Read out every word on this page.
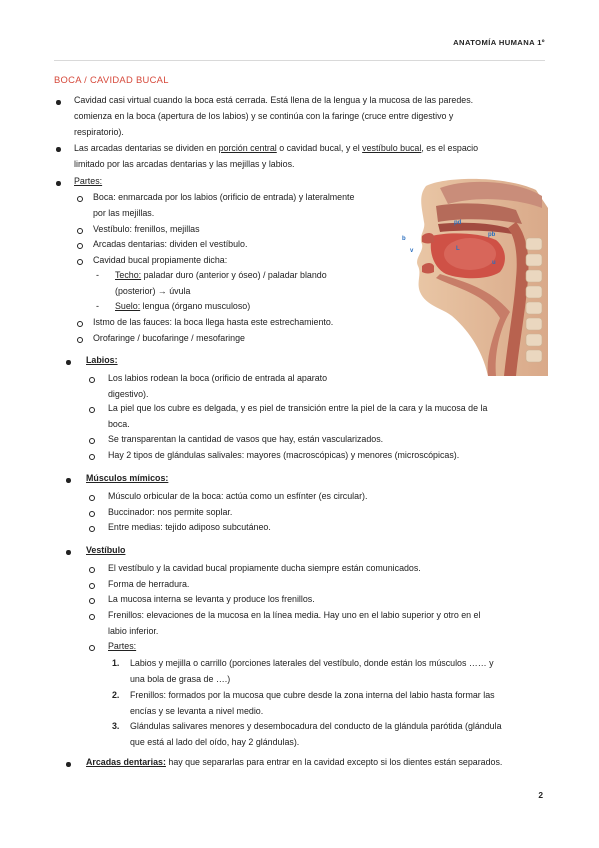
ANATOMÍA HUMANA 1º
BOCA / CAVIDAD BUCAL
Cavidad casi virtual cuando la boca está cerrada. Está llena de la lengua y la mucosa de las paredes.
comienza en la boca (apertura de los labios) y se continúa con la faringe (cruce entre digestivo y
respiratorio).
Las arcadas dentarias se dividen en porción central o cavidad bucal, y el vestíbulo bucal, es el espacio
limitado por las arcadas dentarias y las mejillas y labios.
Partes:
Boca: enmarcada por los labios (orificio de entrada) y lateralmente
por las mejillas.
Vestíbulo: frenillos, mejillas
Arcadas dentarias: dividen el vestíbulo.
Cavidad bucal propiamente dicha:
- Techo: paladar duro (anterior y óseo) / paladar blando
(posterior) → úvula
- Suelo: lengua (órgano musculoso)
Istmo de las fauces: la boca llega hasta este estrechamiento.
Orofaringe / bucofaringe / mesofaringe
b
v
pd
pb
L
u
Labios:
Los labios rodean la boca (orificio de entrada al aparato
digestivo).
La piel que los cubre es delgada, y es piel de transición entre la piel de la cara y la mucosa de la
boca.
Se transparentan la cantidad de vasos que hay, están vascularizados.
Hay 2 tipos de glándulas salivales: mayores (macroscópicas) y menores (microscópicas).
Músculos mímicos:
Músculo orbicular de la boca: actúa como un esfínter (es circular).
Buccinador: nos permite soplar.
Entre medias: tejido adiposo subcutáneo.
Vestíbulo
El vestíbulo y la cavidad bucal propiamente ducha siempre están comunicados.
Forma de herradura.
La mucosa interna se levanta y produce los frenillos.
Frenillos: elevaciones de la mucosa en la línea media. Hay uno en el labio superior y otro en el
labio inferior.
Partes:
1. Labios y mejilla o carrillo (porciones laterales del vestíbulo, donde están los músculos …… y
una bola de grasa de ….)
2. Frenillos: formados por la mucosa que cubre desde la zona interna del labio hasta formar las
encías y se levanta a nivel medio.
3. Glándulas salivares menores y desembocadura del conducto de la glándula parótida (glándula
que está al lado del oído, hay 2 glándulas).
Arcadas dentarias: hay que separarlas para entrar en la cavidad excepto si los dientes están separados.
2
